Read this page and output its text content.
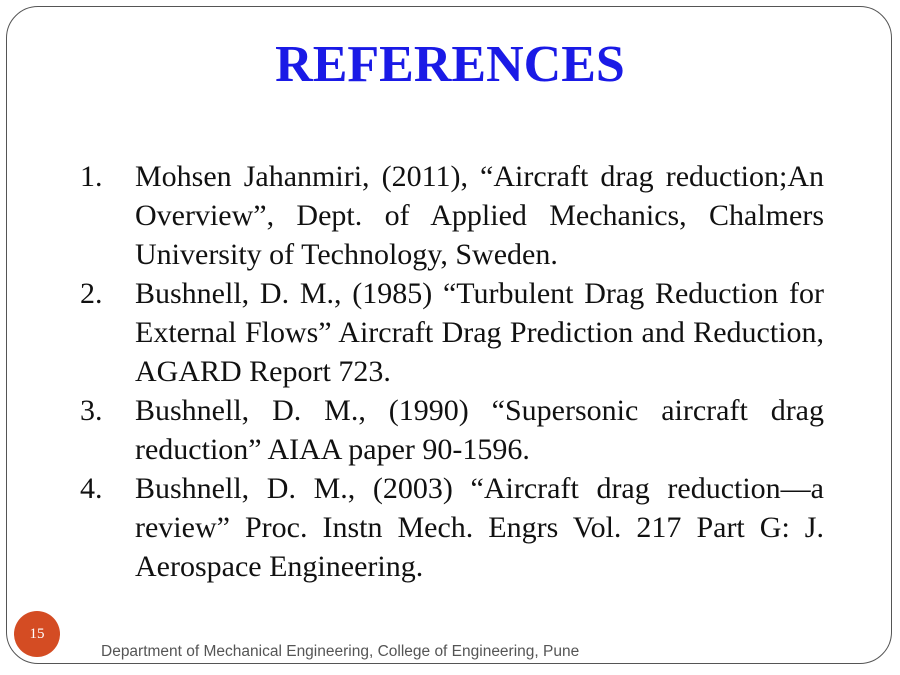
REFERENCES
1.	Mohsen Jahanmiri, (2011), “Aircraft drag reduction;An Overview”, Dept. of Applied Mechanics, Chalmers University of Technology, Sweden.
2.	Bushnell, D. M., (1985) “Turbulent Drag Reduction for External Flows” Aircraft Drag Prediction and Reduction, AGARD Report 723.
3.	Bushnell, D. M., (1990) “Supersonic aircraft drag reduction” AIAA paper 90-1596.
4.	Bushnell, D. M., (2003) “Aircraft drag reduction—a review” Proc. Instn Mech. Engrs Vol. 217 Part G: J. Aerospace Engineering.
15
Department of Mechanical Engineering, College of Engineering, Pune
